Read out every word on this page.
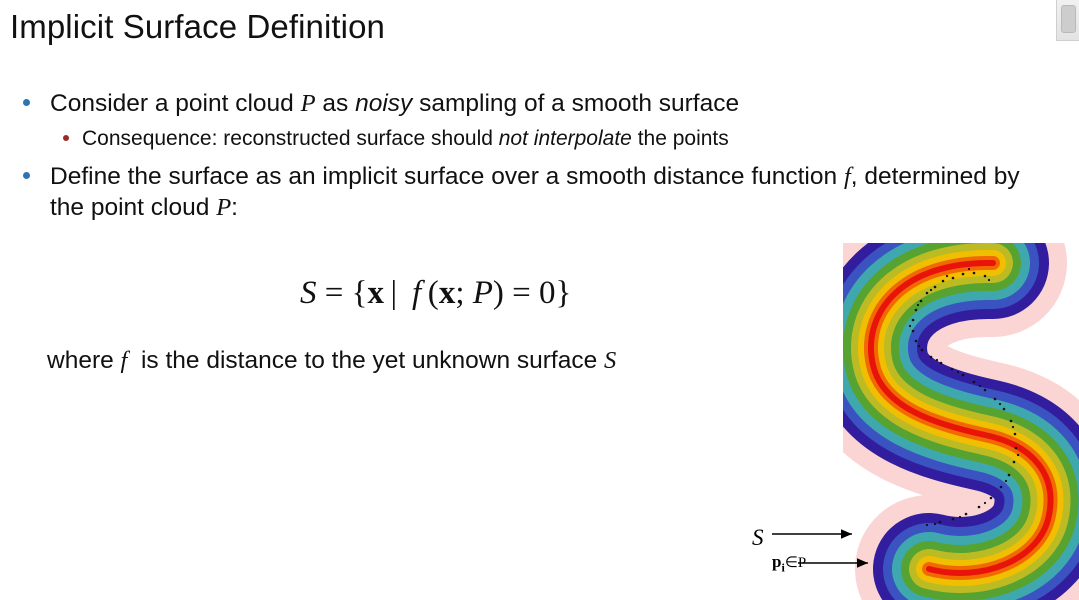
Implicit Surface Definition
Consider a point cloud P as noisy sampling of a smooth surface
Consequence: reconstructed surface should not interpolate the points
Define the surface as an implicit surface over a smooth distance function f, determined by the point cloud P:
S = {x |  f (x; P) = 0}
where f  is the distance to the yet unknown surface S
S
$p_i\in P$
